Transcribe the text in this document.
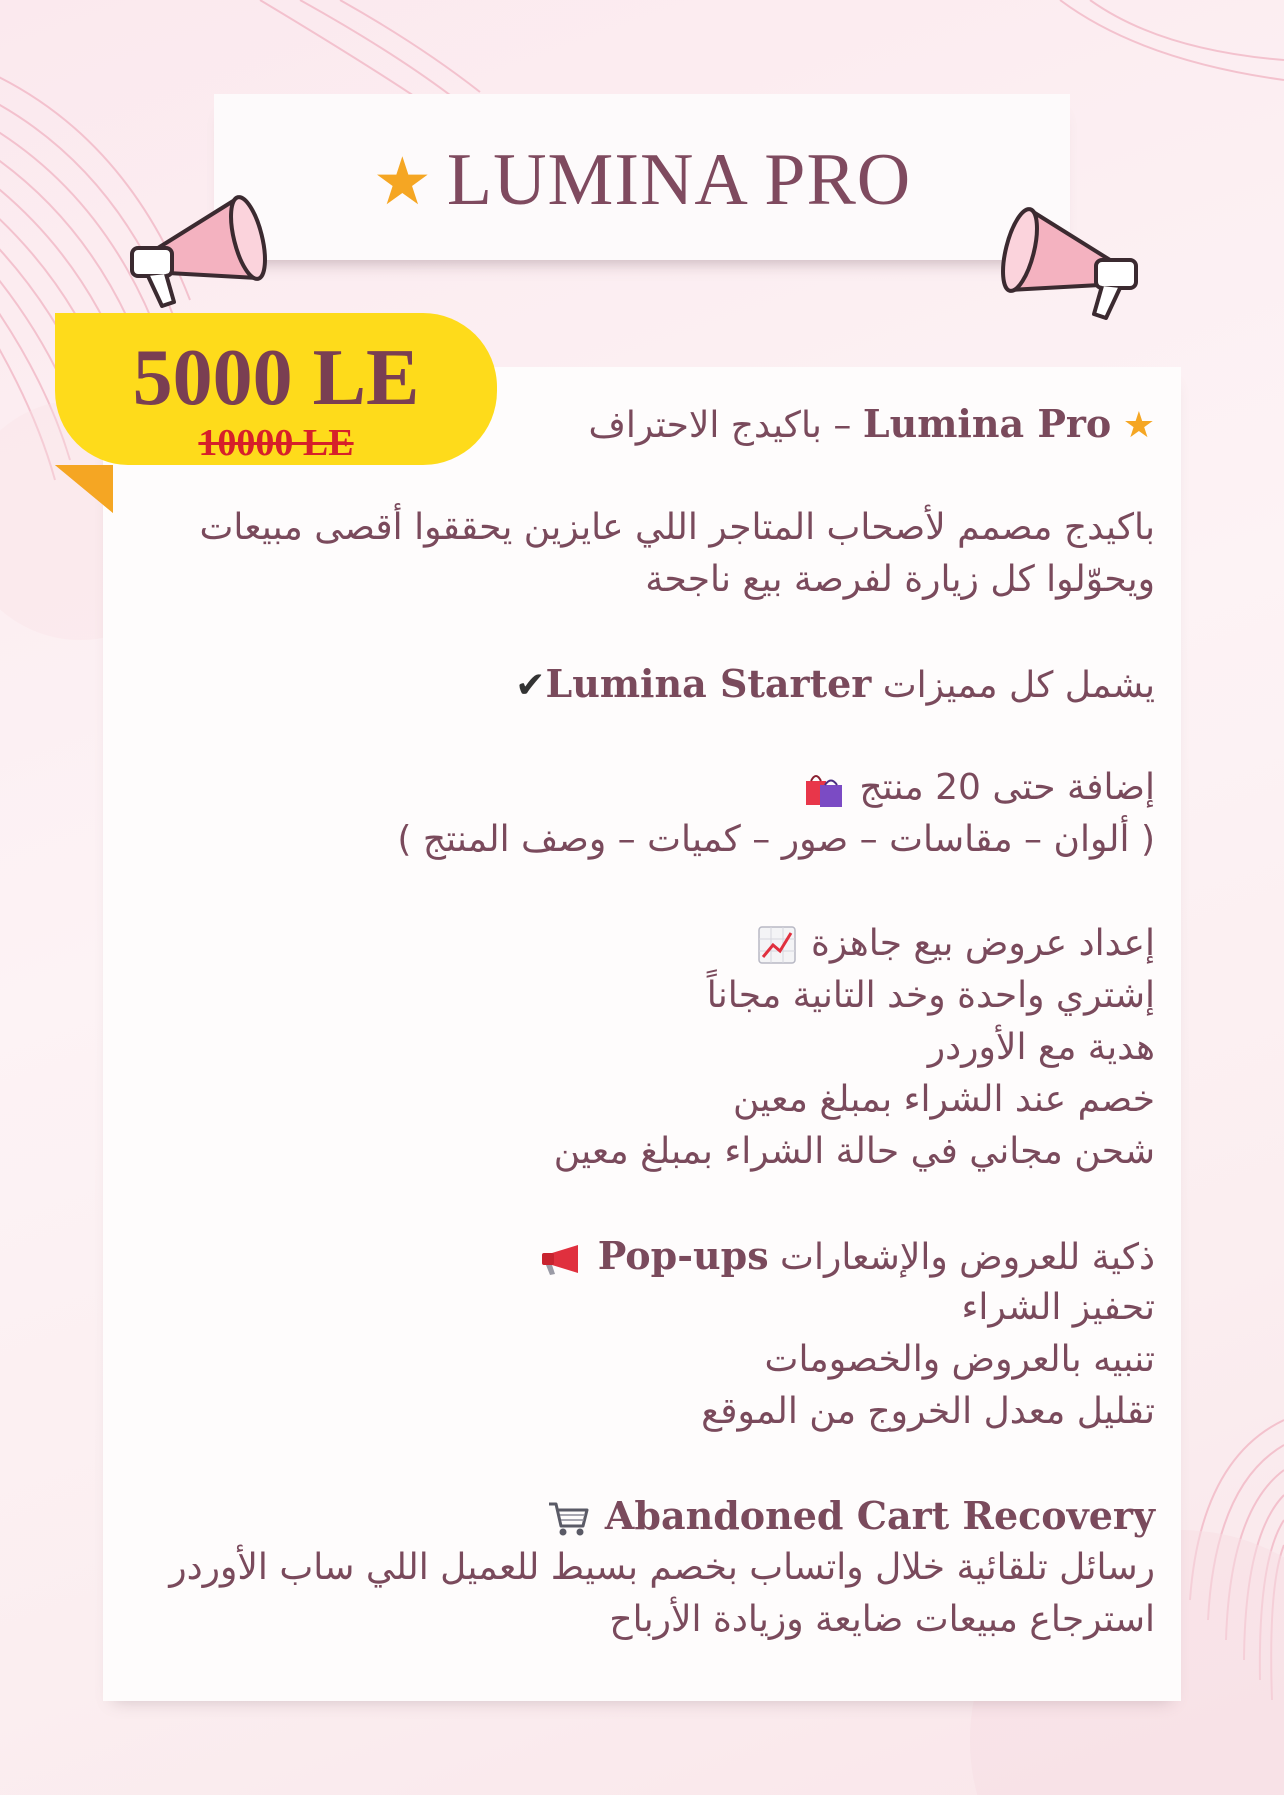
★ LUMINA PRO
5000 LE
10000 LE	★ Lumina Pro – باكيدج الاحتراف
باكيدج مصمم لأصحاب المتاجر اللي عايزين يحققوا أقصى مبيعات
ويحوّلوا كل زيارة لفرصة بيع ناجحة
يشمل كل مميزات Lumina Starter✔
إضافة حتى 20 منتج
( ألوان – مقاسات – صور – كميات – وصف المنتج )
إعداد عروض بيع جاهزة
إشتري واحدة وخد التانية مجاناً
هدية مع الأوردر
خصم عند الشراء بمبلغ معين
شحن مجاني في حالة الشراء بمبلغ معين
ذكية للعروض والإشعارات Pop-ups
تحفيز الشراء
تنبيه بالعروض والخصومات
تقليل معدل الخروج من الموقع
Abandoned Cart Recovery
رسائل تلقائية خلال واتساب بخصم بسيط للعميل اللي ساب الأوردر
استرجاع مبيعات ضايعة وزيادة الأرباح
